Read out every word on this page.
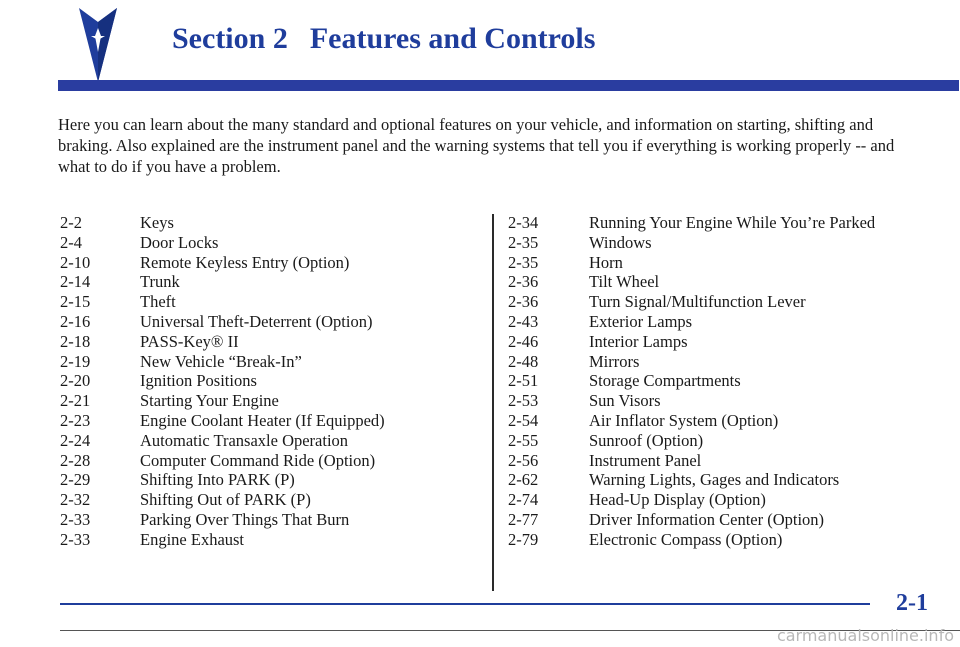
Section 2 Features and Controls

Here you can learn about the many standard and optional features on your vehicle, and information on starting, shifting and braking. Also explained are the instrument panel and the warning systems that tell you if everything is working properly -- and what to do if you have a problem.

2-2	Keys
2-4	Door Locks
2-10	Remote Keyless Entry (Option)
2-14	Trunk
2-15	Theft
2-16	Universal Theft-Deterrent (Option)
2-18	PASS-Key® II
2-19	New Vehicle “Break-In”
2-20	Ignition Positions
2-21	Starting Your Engine
2-23	Engine Coolant Heater (If Equipped)
2-24	Automatic Transaxle Operation
2-28	Computer Command Ride (Option)
2-29	Shifting Into PARK (P)
2-32	Shifting Out of PARK (P)
2-33	Parking Over Things That Burn
2-33	Engine Exhaust
2-34	Running Your Engine While You’re Parked
2-35	Windows
2-35	Horn
2-36	Tilt Wheel
2-36	Turn Signal/Multifunction Lever
2-43	Exterior Lamps
2-46	Interior Lamps
2-48	Mirrors
2-51	Storage Compartments
2-53	Sun Visors
2-54	Air Inflator System (Option)
2-55	Sunroof (Option)
2-56	Instrument Panel
2-62	Warning Lights, Gages and Indicators
2-74	Head-Up Display (Option)
2-77	Driver Information Center (Option)
2-79	Electronic Compass (Option)
2-1
carmanualsonline.info
